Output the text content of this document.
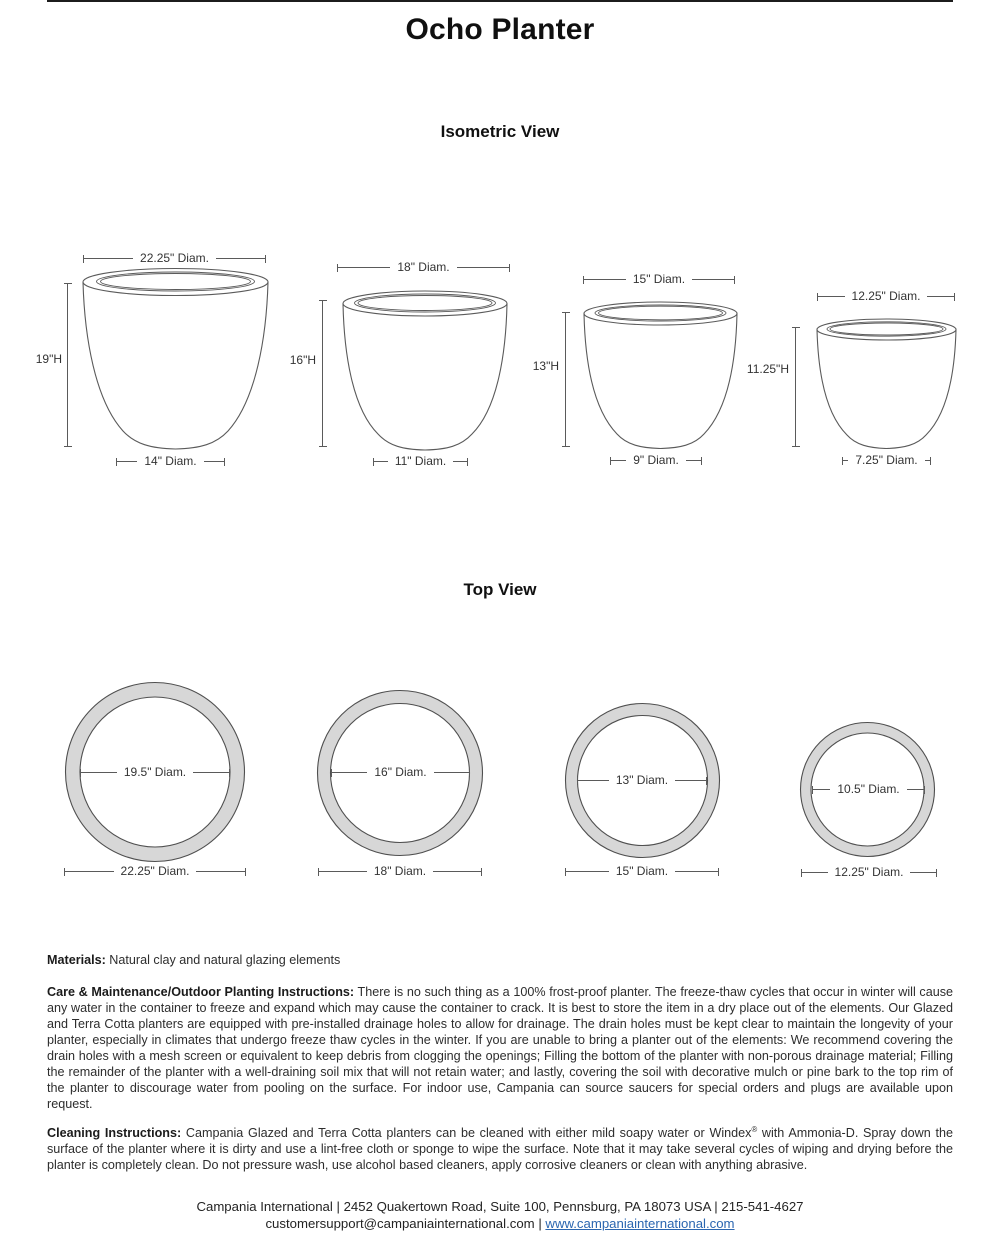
Ocho Planter
Isometric View
22.25" Diam.
19"H
14" Diam.
18" Diam.
16"H
11" Diam.
15" Diam.
13"H
9" Diam.
12.25" Diam.
11.25"H
7.25" Diam.
Top View
19.5" Diam.
22.25" Diam.
16" Diam.
18" Diam.
13" Diam.
15" Diam.
10.5" Diam.
12.25" Diam.

Materials: Natural clay and natural glazing elements

Care & Maintenance/Outdoor Planting Instructions: There is no such thing as a 100% frost-proof planter. The freeze-thaw cycles that occur in winter will cause any water in the container to freeze and expand which may cause the container to crack. It is best to store the item in a dry place out of the elements. Our Glazed and Terra Cotta planters are equipped with pre-installed drainage holes to allow for drainage. The drain holes must be kept clear to maintain the longevity of your planter, especially in climates that undergo freeze thaw cycles in the winter. If you are unable to bring a planter out of the elements: We recommend covering the drain holes with a mesh screen or equivalent to keep debris from clogging the openings; Filling the bottom of the planter with non-porous drainage material; Filling the remainder of the planter with a well-draining soil mix that will not retain water; and lastly, covering the soil with decorative mulch or pine bark to the top rim of the planter to discourage water from pooling on the surface. For indoor use, Campania can source saucers for special orders and plugs are available upon request.

Cleaning Instructions: Campania Glazed and Terra Cotta planters can be cleaned with either mild soapy water or Windex® with Ammonia-D. Spray down the surface of the planter where it is dirty and use a lint-free cloth or sponge to wipe the surface. Note that it may take several cycles of wiping and drying before the planter is completely clean. Do not pressure wash, use alcohol based cleaners, apply corrosive cleaners or clean with anything abrasive.

Campania International | 2452 Quakertown Road, Suite 100, Pennsburg, PA 18073 USA | 215-541-4627
customersupport@campaniainternational.com | www.campaniainternational.com
